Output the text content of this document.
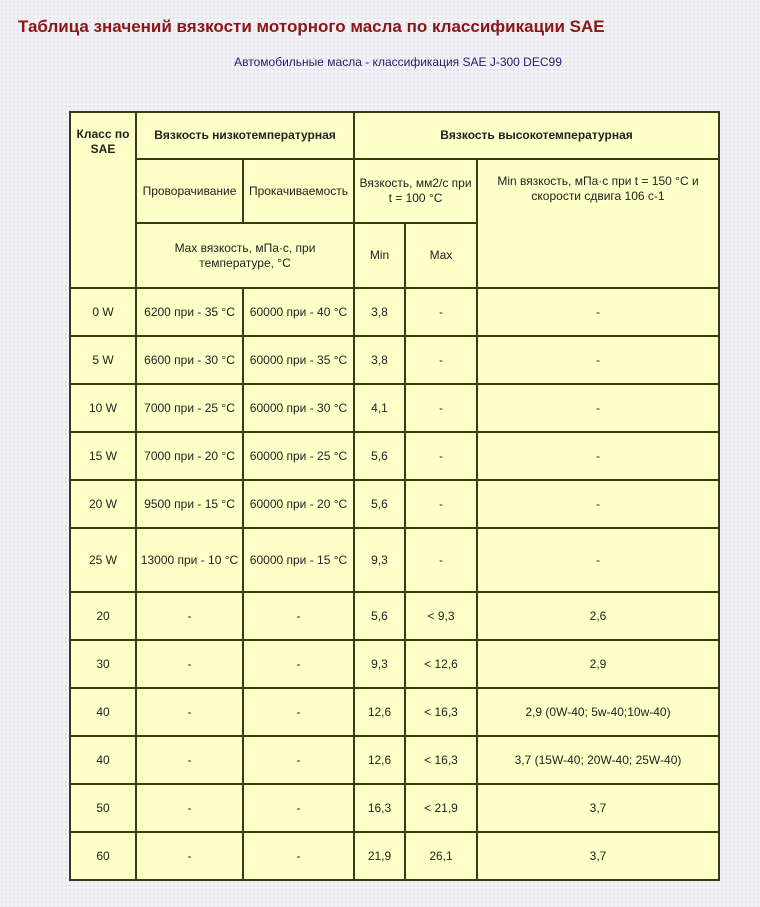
Таблица значений вязкости моторного масла по классификации SAE
Автомобильные масла - классификация SAE J-300 DEC99
Класс по SAE	Вязкость низкотемпературная		Вязкость высокотемпературная		
	Проворачивание	Прокачиваемость	Вязкость, мм2/с при t = 100 °C		Min вязкость, мПа·с при t = 150 °C и скорости сдвига 106 с-1
	Max вязкость, мПа·с, при температуре, °C		Min	Max	
0 W	6200 при - 35 °C	60000 при - 40 °C	3,8	-	-
5 W	6600 при - 30 °C	60000 при - 35 °C	3,8	-	-
10 W	7000 при - 25 °C	60000 при - 30 °C	4,1	-	-
15 W	7000 при - 20 °C	60000 при - 25 °C	5,6	-	-
20 W	9500 при - 15 °C	60000 при - 20 °C	5,6	-	-
25 W	13000 при - 10 °C	60000 при - 15 °C	9,3	-	-
20	-	-	5,6	< 9,3	2,6
30	-	-	9,3	< 12,6	2,9
40	-	-	12,6	< 16,3	2,9 (0W-40; 5w-40;10w-40)
40	-	-	12,6	< 16,3	3,7 (15W-40; 20W-40; 25W-40)
50	-	-	16,3	< 21,9	3,7
60	-	-	21,9	26,1	3,7
